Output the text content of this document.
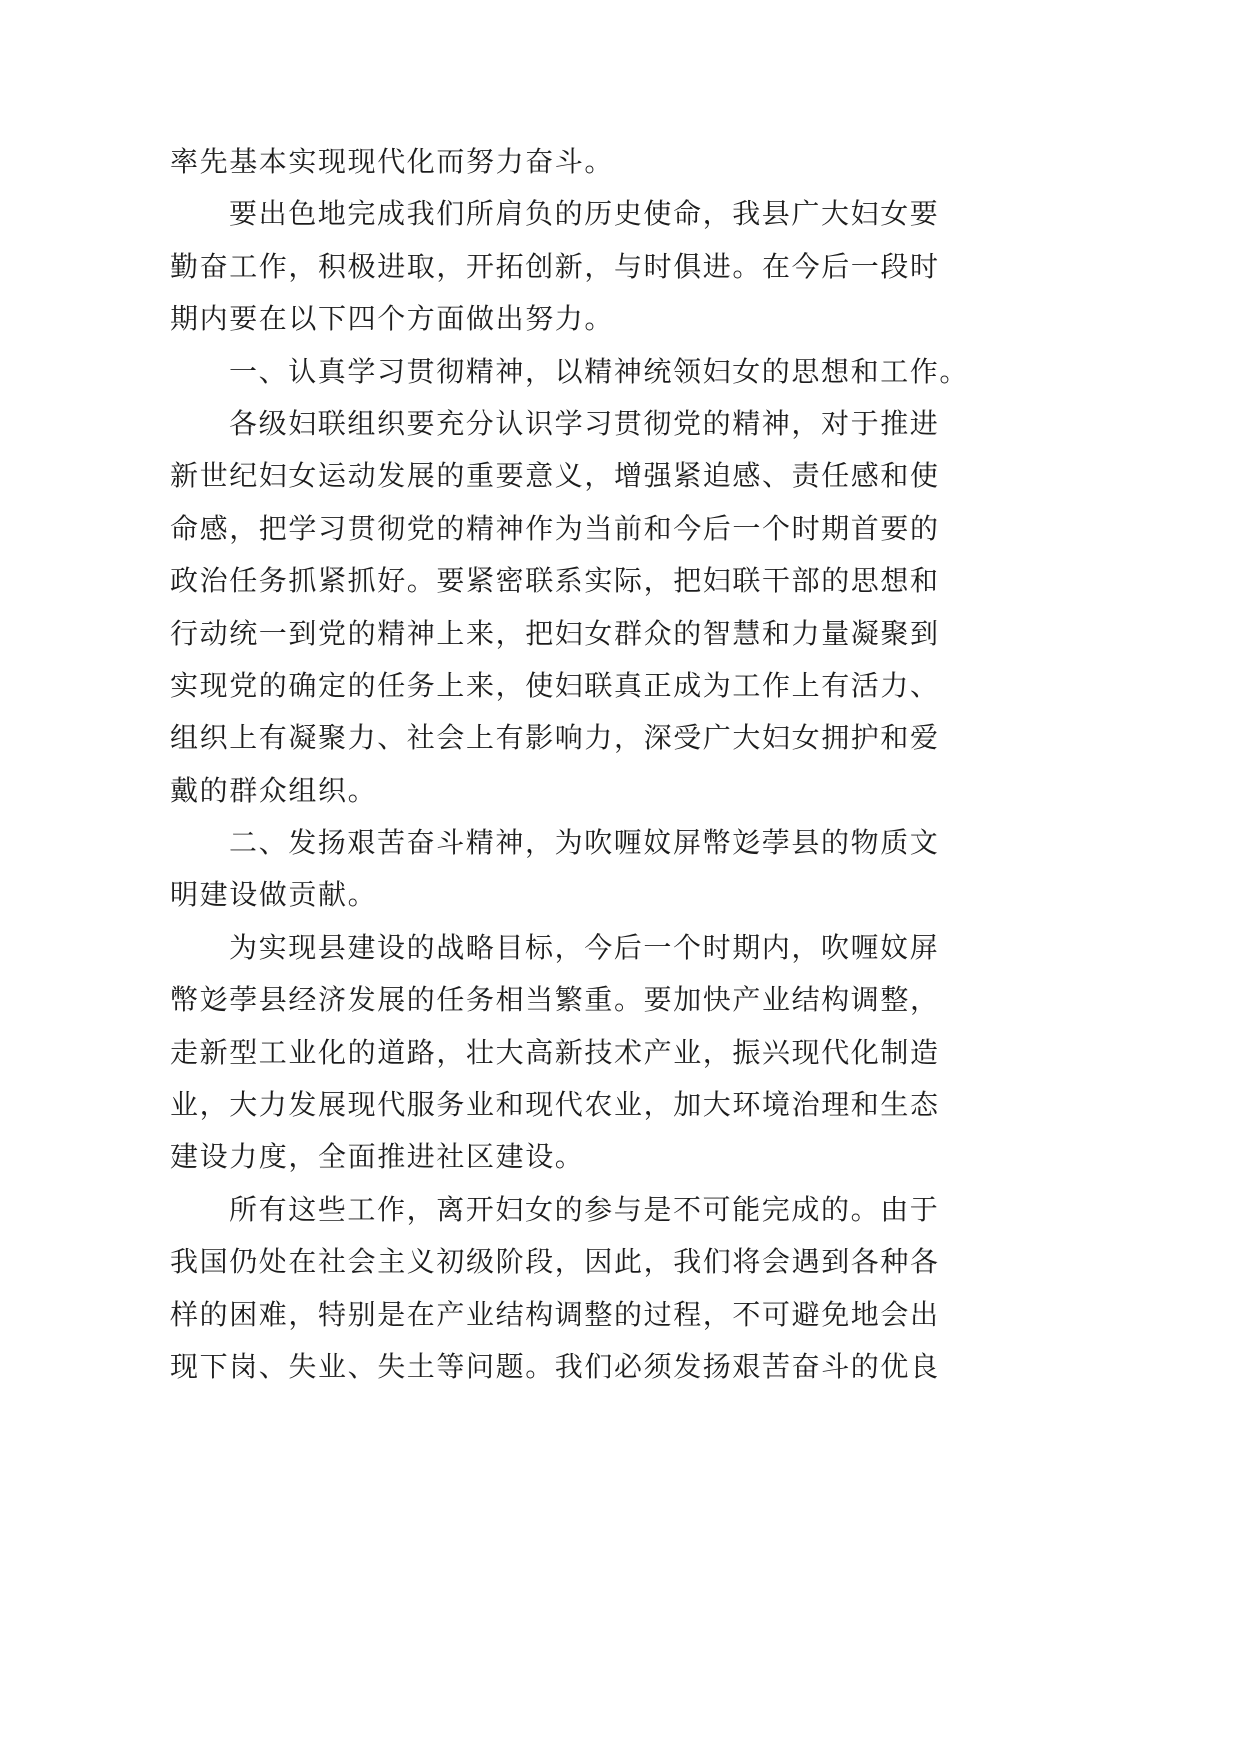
率先基本实现现代化而努力奋斗。
要出色地完成我们所肩负的历史使命，我县广大妇女要
勤奋工作，积极进取，开拓创新，与时俱进。在今后一段时
期内要在以下四个方面做出努力。
一、认真学习贯彻精神，以精神统领妇女的思想和工作。
各级妇联组织要充分认识学习贯彻党的精神，对于推进
新世纪妇女运动发展的重要意义，增强紧迫感、责任感和使
命感，把学习贯彻党的精神作为当前和今后一个时期首要的
政治任务抓紧抓好。要紧密联系实际，把妇联干部的思想和
行动统一到党的精神上来，把妇女群众的智慧和力量凝聚到
实现党的确定的任务上来，使妇联真正成为工作上有活力、
组织上有凝聚力、社会上有影响力，深受广大妇女拥护和爱
戴的群众组织。
二、发扬艰苦奋斗精神，为吹喱妏屏幣彣荸县的物质文
明建设做贡献。
为实现县建设的战略目标，今后一个时期内，吹喱妏屏
幣彣荸县经济发展的任务相当繁重。要加快产业结构调整，
走新型工业化的道路，壮大高新技术产业，振兴现代化制造
业，大力发展现代服务业和现代农业，加大环境治理和生态
建设力度，全面推进社区建设。
所有这些工作，离开妇女的参与是不可能完成的。由于
我国仍处在社会主义初级阶段，因此，我们将会遇到各种各
样的困难，特别是在产业结构调整的过程，不可避免地会出
现下岗、失业、失土等问题。我们必须发扬艰苦奋斗的优良
